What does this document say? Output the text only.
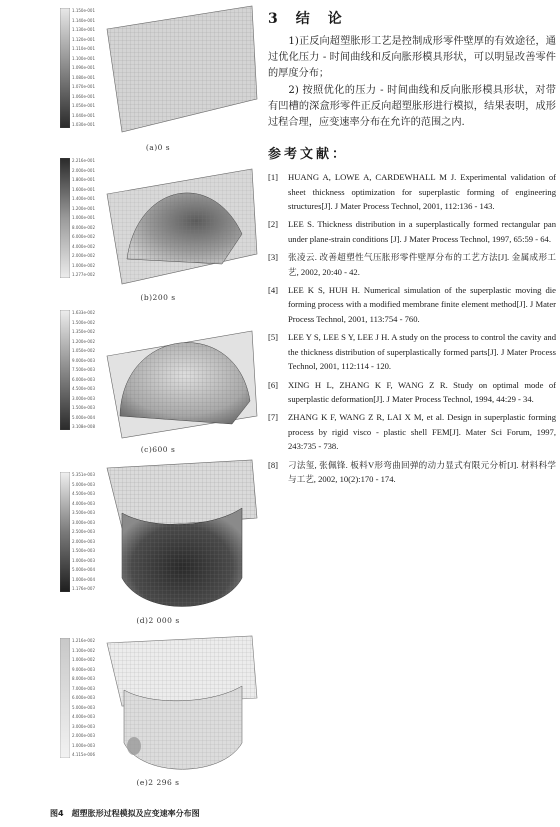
1.150e-001
1.140e-001
1.130e-001
1.120e-001
1.110e-001
1.100e-001
1.090e-001
1.080e-001
1.070e-001
1.060e-001
1.050e-001
1.040e-001
1.030e-001
(a)0 s
2.216e-001
2.000e-001
1.800e-001
1.600e-001
1.400e-001
1.200e-001
1.000e-001
8.000e-002
6.000e-002
4.000e-002
2.000e-002
1.000e-002
1.277e-002
(b)200 s
1.633e-002
1.500e-002
1.350e-002
1.200e-002
1.050e-002
9.000e-003
7.500e-003
6.000e-003
4.500e-003
3.000e-003
1.500e-003
5.000e-004
3.108e-008
(c)600 s
5.351e-003
5.000e-003
4.500e-003
4.000e-003
3.500e-003
3.000e-003
2.500e-003
2.000e-003
1.500e-003
1.000e-003
5.000e-004
1.000e-004
1.176e-007
(d)2 000 s
1.216e-002
1.100e-002
1.000e-002
9.000e-003
8.000e-003
7.000e-003
6.000e-003
5.000e-003
4.000e-003
3.000e-003
2.000e-003
1.000e-003
4.115e-006
(e)2 296 s
3　结　论

1)正反向超塑胀形工艺是控制成形零件壁厚的有效途径，通过优化压力 - 时间曲线和反向胀形模具形状，可以明显改善零件的厚度分布；

2) 按照优化的压力 - 时间曲线和反向胀形模具形状，对带有凹槽的深盒形零件正反向超塑胀形进行模拟，结果表明，成形过程合理，应变速率分布在允许的范围之内.

参考文献：
[1] HUANG A, LOWE A, CARDEWHALL M J. Experimental validation of sheet thickness optimization for superplastic forming of engineering structures[J]. J Mater Process Technol, 2001, 112:136 - 143.
[2] LEE S. Thickness distribution in a superplastically formed rectangular pan under plane-strain conditions [J]. J Mater Process Technol, 1997, 65:59 - 64.
[3] 张凌云. 改善超塑性气压胀形零件壁厚分布的工艺方法[J]. 金属成形工艺, 2002, 20:40 - 42.
[4] LEE K S, HUH H. Numerical simulation of the superplastic moving die forming process with a modified membrane finite element method[J]. J Mater Process Technol, 2001, 113:754 - 760.
[5] LEE Y S, LEE S Y, LEE J H. A study on the process to control the cavity and the thickness distribution of superplastically formed parts[J]. J Mater Process Technol, 2001, 112:114 - 120.
[6] XING H L, ZHANG K F, WANG Z R. Study on optimal mode of superplastic deformation[J]. J Mater Process Technol, 1994, 44:29 - 34.
[7] ZHANG K F, WANG Z R, LAI X M, et al. Design in superplastic forming process by rigid visco - plastic shell FEM[J]. Mater Sci Forum, 1997, 243:735 - 738.
[8] 刁法玺, 张佩锋. 板料V形弯曲回弹的动力显式有限元分析[J]. 材料科学与工艺, 2002, 10(2):170 - 174.
图4　超塑胀形过程模拟及应变速率分布图
